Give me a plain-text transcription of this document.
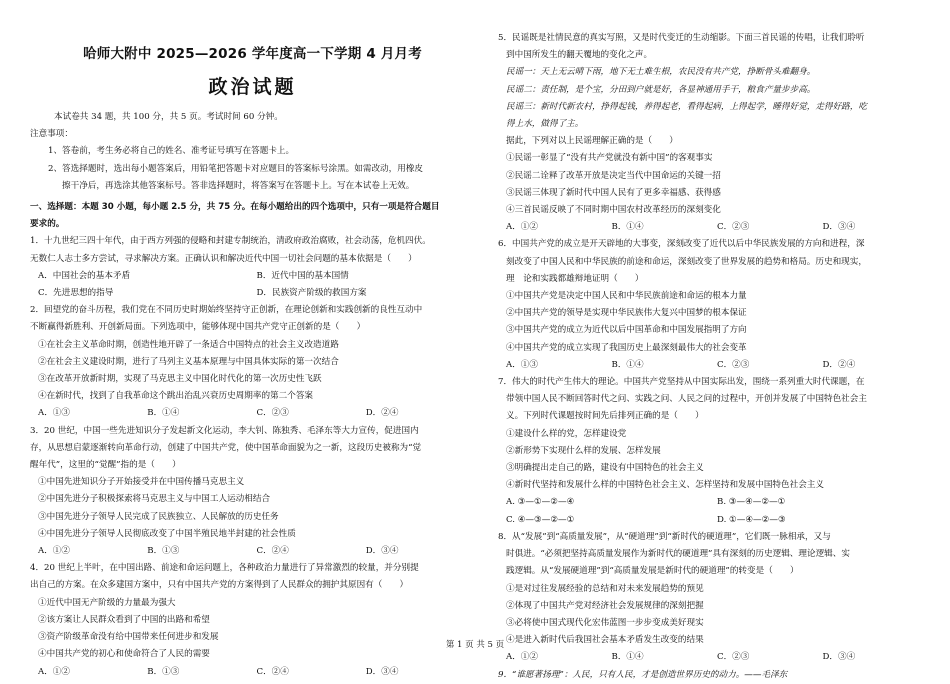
哈师大附中 2025—2026 学年度高一下学期 4 月月考
政治试题
本试卷共 34 题，共 100 分，共 5 页。考试时间 60 分钟。
注意事项：
1、答卷前，考生务必将自己的姓名、准考证号填写在答题卡上。
2、答选择题时，选出每小题答案后，用铅笔把答题卡对应题目的答案标号涂黑。如需改动，用橡皮
擦干净后，再选涂其他答案标号。答非选择题时，将答案写在答题卡上。写在本试卷上无效。
一、选择题：本题 30 小题，每小题 2.5 分，共 75 分。在每小题给出的四个选项中，只有一项是符合题目
要求的。
1．十九世纪三四十年代，由于西方列强的侵略和封建专制统治，清政府政治腐败，社会动荡，危机四伏。
无数仁人志士多方尝试，寻求解决方案。正确认识和解决近代中国一切社会问题的基本依据是（　　）
A．中国社会的基本矛盾	B．近代中国的基本国情
C．先进思想的指导	D．民族资产阶级的救国方案
2．回望党的奋斗历程，我们党在不同历史时期始终坚持守正创新，在理论创新和实践创新的良性互动中
不断赢得新胜利、开创新局面。下列选项中，能够体现中国共产党守正创新的是（　　）
①在社会主义革命时期，创造性地开辟了一条适合中国特点的社会主义改造道路
②在社会主义建设时期，进行了马列主义基本原理与中国具体实际的第一次结合
③在改革开放新时期，实现了马克思主义中国化时代化的第一次历史性飞跃
④在新时代，找到了自我革命这个跳出治乱兴衰历史周期率的第二个答案
A．①③	B．①④	C．②③	D．②④
3．20 世纪，中国一些先进知识分子发起新文化运动，李大钊、陈独秀、毛泽东等大力宣传，促进国内
存，从思想启蒙逐渐转向革命行动，创建了中国共产党，使中国革命面貌为之一新，这段历史被称为“觉
醒年代”，这里的“觉醒”指的是（　　）
①中国先进知识分子开始接受并在中国传播马克思主义
②中国先进分子积极探索将马克思主义与中国工人运动相结合
③中国先进分子领导人民完成了民族独立、人民解放的历史任务
④中国先进分子领导人民彻底改变了中国半殖民地半封建的社会性质
A．①②	B．①③	C．②④	D．③④
4．20 世纪上半叶，在中国出路、前途和命运问题上，各种政治力量进行了异常激烈的较量，并分别提
出自己的方案。在众多建国方案中，只有中国共产党的方案得到了人民群众的拥护其原因有（　　）
①近代中国无产阶级的力量最为强大
②该方案让人民群众看到了中国的出路和希望
③资产阶级革命没有给中国带来任何进步和发展
④中国共产党的初心和使命符合了人民的需要
A．①②	B．①③	C．②④	D．③④
5．民谣既是社情民意的真实写照，又是时代变迁的生动缩影。下面三首民谣的传唱，让我们聆听
到中国所发生的翻天覆地的变化之声。
民谣一：天上无云晴下雨，地下无土难生根，农民没有共产党，挣断骨头难翻身。
民谣二：责任制，是个宝，分田到户就是好，各显神通用手干，粮食产量步步高。
民谣三：新时代新农村，挣得起钱，养得起老，看得起病，上得起学，睡得好觉，走得好路，吃
得上水，做得了主。
据此，下列对以上民谣理解正确的是（　　）
①民谣一彰显了“没有共产党就没有新中国”的客观事实
②民谣二诠释了改革开放是决定当代中国命运的关键一招
③民谣三体现了新时代中国人民有了更多幸福感、获得感
④三首民谣反映了不同时期中国农村改革经历的深刻变化
A．①②	B．①④	C．②③	D．③④
6．中国共产党的成立是开天辟地的大事变，深刻改变了近代以后中华民族发展的方向和进程，深
刻改变了中国人民和中华民族的前途和命运，深刻改变了世界发展的趋势和格局。历史和现实，
理　论和实践都雄辩地证明（　　）
①中国共产党是决定中国人民和中华民族前途和命运的根本力量
②中国共产党的领导是实现中华民族伟大复兴中国梦的根本保证
③中国共产党的成立为近代以后中国革命和中国发展指明了方向
④中国共产党的成立实现了我国历史上最深刻最伟大的社会变革
A．①③	B．①④	C．②③	D．②④
7．伟大的时代产生伟大的理论。中国共产党坚持从中国实际出发，围绕一系列重大时代课题，在
带领中国人民不断回答时代之问、实践之问、人民之问的过程中，开创并发展了中国特色社会主
义。下列时代课题按时间先后排列正确的是（　　）
①建设什么样的党，怎样建设党
②新形势下实现什么样的发展、怎样发展
③明确提出走自己的路，建设有中国特色的社会主义
④新时代坚持和发展什么样的中国特色社会主义、怎样坚持和发展中国特色社会主义
A. ③—①—②—④	B. ③—④—②—①
C. ④—③—②—①	D. ①—④—②—③
8．从“发展”到“高质量发展”，从“硬道理”到“新时代的硬道理”，它们既一脉相承，又与
时俱进。“必须把坚持高质量发展作为新时代的硬道理”具有深刻的历史逻辑、理论逻辑、实
践逻辑。从“发展硬道理”到“高质量发展是新时代的硬道理”的转变是（　　）
①是对过往发展经验的总结和对未来发展趋势的预见
②体现了中国共产党对经济社会发展规律的深刻把握
③必将使中国式现代化宏伟蓝图一步步变成美好现实
④是进入新时代后我国社会基本矛盾发生改变的结果
A．①②	B．①④	C．②③	D．③④
9．“谁愿著扬理”：人民，只有人民，才是创造世界历史的动力。——毛泽东
第 1 页 共 5 页
